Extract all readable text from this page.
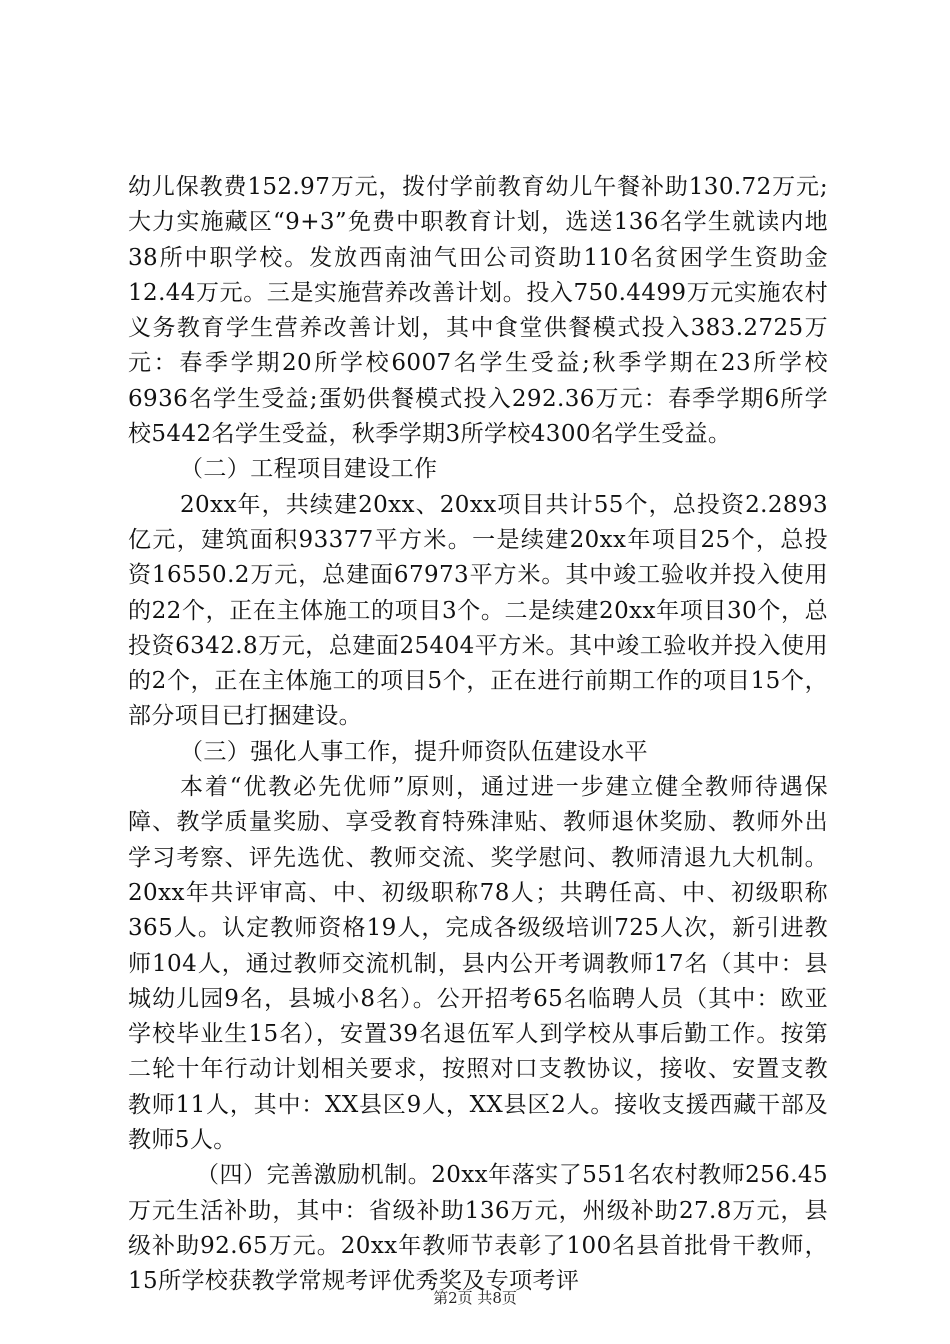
幼儿保教费152.97万元，拨付学前教育幼儿午餐补助130.72万元;大力实施藏区“9+3”免费中职教育计划，选送136名学生就读内地38所中职学校。发放西南油气田公司资助110名贫困学生资助金12.44万元。三是实施营养改善计划。投入750.4499万元实施农村义务教育学生营养改善计划，其中食堂供餐模式投入383.2725万元：春季学期20所学校6007名学生受益;秋季学期在23所学校6936名学生受益;蛋奶供餐模式投入292.36万元：春季学期6所学校5442名学生受益，秋季学期3所学校4300名学生受益。

（二）工程项目建设工作

20xx年，共续建20xx、20xx项目共计55个，总投资2.2893亿元，建筑面积93377平方米。一是续建20xx年项目25个，总投资16550.2万元，总建面67973平方米。其中竣工验收并投入使用的22个，正在主体施工的项目3个。二是续建20xx年项目30个，总投资6342.8万元，总建面25404平方米。其中竣工验收并投入使用的2个，正在主体施工的项目5个，正在进行前期工作的项目15个，部分项目已打捆建设。

（三）强化人事工作，提升师资队伍建设水平

本着“优教必先优师”原则，通过进一步建立健全教师待遇保障、教学质量奖励、享受教育特殊津贴、教师退休奖励、教师外出学习考察、评先选优、教师交流、奖学慰问、教师清退九大机制。20xx年共评审高、中、初级职称78人；共聘任高、中、初级职称365人。认定教师资格19人，完成各级级培训725人次，新引进教师104人，通过教师交流机制，县内公开考调教师17名（其中：县城幼儿园9名，县城小8名）。公开招考65名临聘人员（其中：欧亚学校毕业生15名），安置39名退伍军人到学校从事后勤工作。按第二轮十年行动计划相关要求，按照对口支教协议，接收、安置支教教师11人，其中：XX县区9人，XX县区2人。接收支援西藏干部及教师5人。

（四）完善激励机制。20xx年落实了551名农村教师256.45万元生活补助，其中：省级补助136万元，州级补助27.8万元，县级补助92.65万元。20xx年教师节表彰了100名县首批骨干教师，15所学校获教学常规考评优秀奖及专项考评

第2页 共8页
